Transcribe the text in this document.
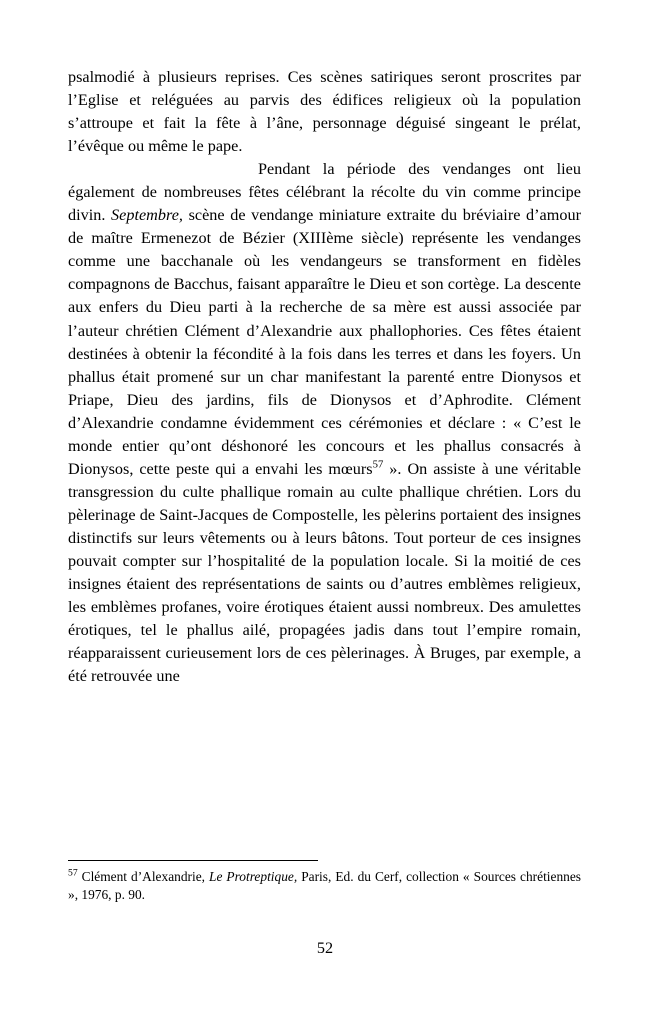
psalmodié à plusieurs reprises. Ces scènes satiriques seront proscrites par l’Eglise et reléguées au parvis des édifices religieux où la population s’attroupe et fait la fête à l’âne, personnage déguisé singeant le prélat, l’évêque ou même le pape.

Pendant la période des vendanges ont lieu également de nombreuses fêtes célébrant la récolte du vin comme principe divin. Septembre, scène de vendange miniature extraite du bréviaire d’amour de maître Ermenezot de Bézier (XIIIème siècle) représente les vendanges comme une bacchanale où les vendangeurs se transforment en fidèles compagnons de Bacchus, faisant apparaître le Dieu et son cortège. La descente aux enfers du Dieu parti à la recherche de sa mère est aussi associée par l’auteur chrétien Clément d’Alexandrie aux phallophories. Ces fêtes étaient destinées à obtenir la fécondité à la fois dans les terres et dans les foyers. Un phallus était promené sur un char manifestant la parenté entre Dionysos et Priape, Dieu des jardins, fils de Dionysos et d’Aphrodite. Clément d’Alexandrie condamne évidemment ces cérémonies et déclare : « C’est le monde entier qu’ont déshonoré les concours et les phallus consacrés à Dionysos, cette peste qui a envahi les mœurs$^{57}$ ». On assiste à une véritable transgression du culte phallique romain au culte phallique chrétien. Lors du pèlerinage de Saint-Jacques de Compostelle, les pèlerins portaient des insignes distinctifs sur leurs vêtements ou à leurs bâtons. Tout porteur de ces insignes pouvait compter sur l’hospitalité de la population locale. Si la moitié de ces insignes étaient des représentations de saints ou d’autres emblèmes religieux, les emblèmes profanes, voire érotiques étaient aussi nombreux. Des amulettes érotiques, tel le phallus ailé, propagées jadis dans tout l’empire romain, réapparaissent curieusement lors de ces pèlerinages. À Bruges, par exemple, a été retrouvée une

$^{57}$ Clément d’Alexandrie, Le Protreptique, Paris, Ed. du Cerf, collection « Sources chrétiennes », 1976, p. 90.

52
